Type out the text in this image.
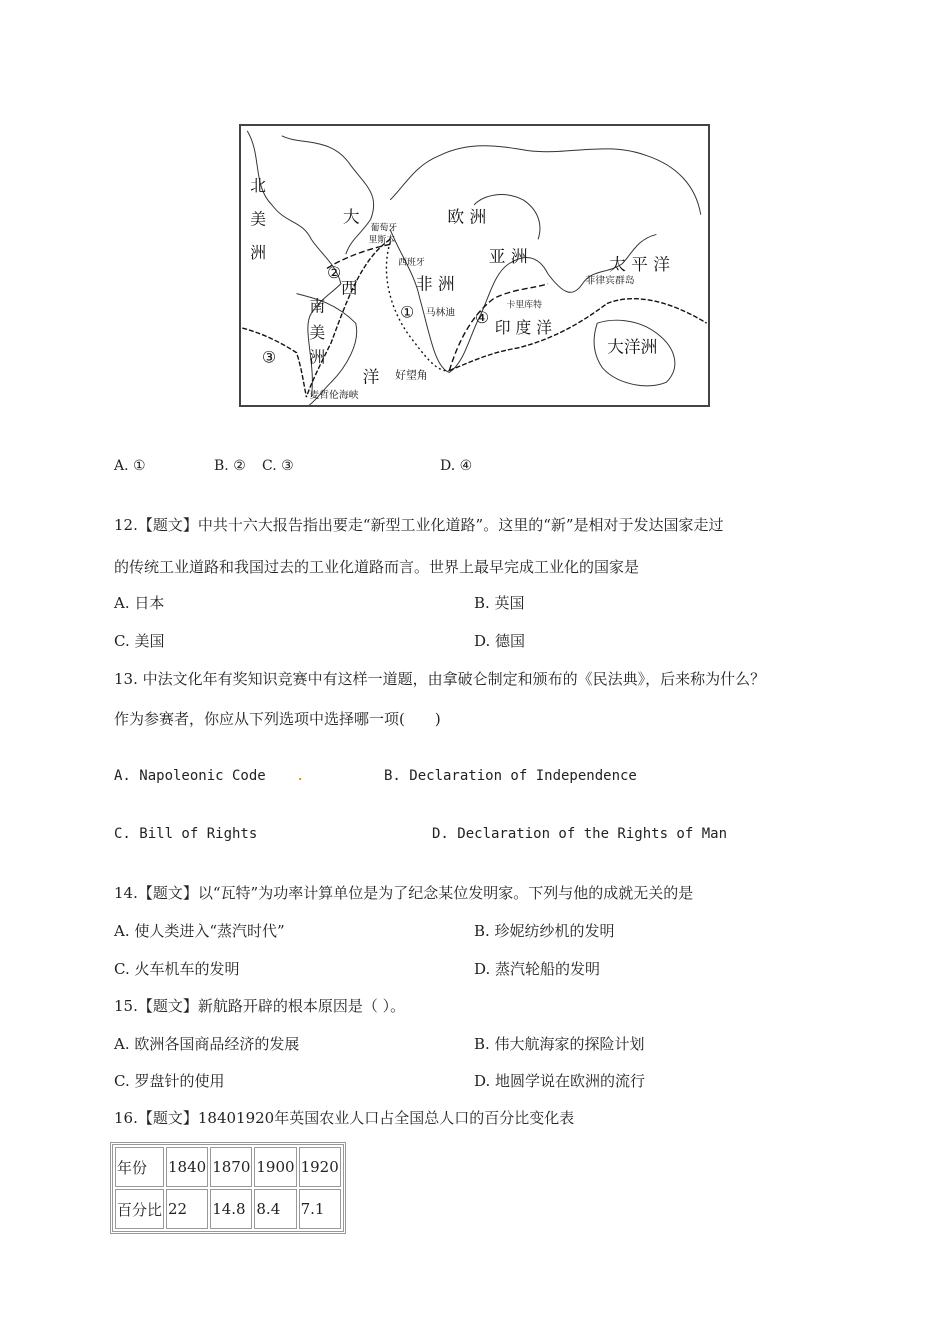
北
美
洲
大
西
洋
南
美
洲
欧 洲
亚 洲
非 洲
太 平 洋
印 度 洋
大洋洲
葡萄牙
里斯本
西班牙
马林迪
卡里库特
菲律宾群岛
好望角
麦哲伦海峡
①
②
③
④
A. ①	B. ② C. ③	D. ④
12.【题文】中共十六大报告指出要走“新型工业化道路”。这里的“新”是相对于发达国家走过
的传统工业道路和我国过去的工业化道路而言。世界上最早完成工业化的国家是
A. 日本	B. 英国
C. 美国	D. 德国
13. 中法文化年有奖知识竞赛中有这样一道题，由拿破仑制定和颁布的《民法典》，后来称为什么？
作为参赛者，你应从下列选项中选择哪一项(　　)
A. Napoleonic Code .	B. Declaration of Independence
C. Bill of Rights	D. Declaration of the Rights of Man
14.【题文】以“瓦特”为功率计算单位是为了纪念某位发明家。下列与他的成就无关的是
A. 使人类进入“蒸汽时代”	B. 珍妮纺纱机的发明
C. 火车机车的发明	D. 蒸汽轮船的发明
15.【题文】新航路开辟的根本原因是（ ）。
A. 欧洲各国商品经济的发展	B. 伟大航海家的探险计划
C. 罗盘针的使用	D. 地圆学说在欧洲的流行
16.【题文】18401920年英国农业人口占全国总人口的百分比变化表
年份	1840	1870	1900	1920
百分比	22	14.8	8.4	7.1
